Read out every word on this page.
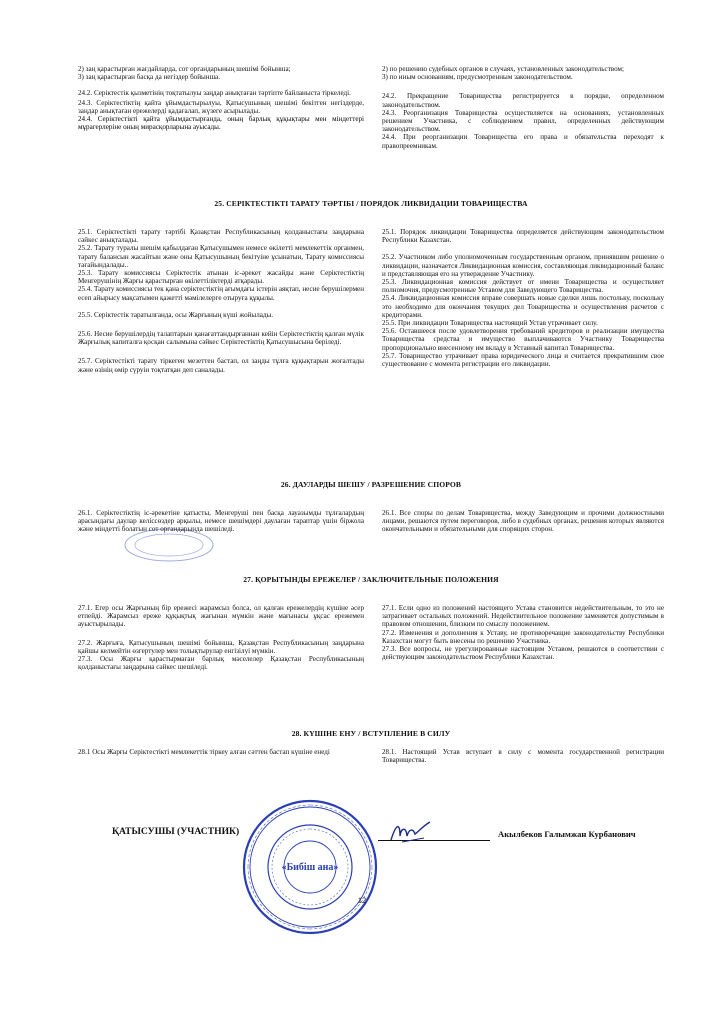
2) заң қарастырған жағдайларда, сот органдарының шешімі бойынша;

3) заң қарастырған басқа да негіздер бойынша.

24.2. Серіктестік қызметінің тоқтатылуы заңдар анықтаған тәртіпте байланыста тіркеледі.

24.3. Серіктестіктің қайта ұйымдастырылуы, Қатысушының шешімі бекітген негіздерде, заңдар анықтаған ережелерді қадағалап, жүзеге асырылады.

24.4. Серіктестікті қайта ұйымдастырғанда, оның барлық құқықтары мен міндеттері мұрагерлеріне оның мирасқорларына ауысады.

2) по решению судебных органов в случаях, установленных законодательством;

3) по иным основаниям, предусмотренным законодательством.

24.2. Прекращение Товарищества регистрируется в порядке, определенном законодательством.

24.3. Реорганизация Товарищества осуществляется на основаниях, установленных решением Участника, с соблюдением правил, определенных действующим законодательством.

24.4. При реорганизации Товарищества его права и обязательства переходят к правопреемникам.

25. СЕРІКТЕСТІКТІ ТАРАТУ ТӘРТІБІ / ПОРЯДОК ЛИКВИДАЦИИ ТОВАРИЩЕСТВА

25.1. Серіктестікті тарату тәртібі Қазақстан Республикасының қолданыстағы заңдарына сәйкес анықталады.

25.2. Тарату туралы шешім қабылдаған Қатысушымен немесе өкілетті мемлекеттік органмен, тарату балансын жасайтын және оны Қатысушының бекітуіне ұсынатын, Тарату комиссиясы тағайындалады..

25.3. Тарату комиссиясы Серіктестік атынан іс-әрекет жасайды және Серіктестіктің Менгерушінің Жарғы қарастырған өкілеттіліктерді атқарады.

25.4. Тарату комиссиясы тек қана серіктестіктің ағымдағы істерін аяқтап, несие берушілермен есеп айырысу мақсатымен қажетті мәмілелерге отыруға құқылы.

25.5. Серіктестік таратылғанда, осы Жарғының күші жойылады.

25.6. Несие берушілердің талаптарын қанағаттандырғаннан кейін Серіктестіктің қалған мүлік Жарғылық капиталға қосқан салымына сәйкес Серіктестіктің Қатысушысына беріледі.

25.7. Серіктестікті тарату тіркеген мезеттен бастап, ол заңды тұлға құқықтарын жоғалтады және өзінің өмір сүруін тоқтатқан деп саналады.

25.1. Порядок ликвидации Товарищества определяется действующим законодательством Республики Казахстан.

25.2. Участником либо уполномоченным государственным органом, принявшим решение о ликвидации, назначается Ликвидационная комиссия, составляющая ликвидационный баланс и представляющая его на утверждение Участнику.

25.3. Ликвидационная комиссия действует от имени Товарищества и осуществляет полномочия, предусмотренные Уставом для Заведующего Товарищества.

25.4. Ликвидационная комиссия вправе совершать новые сделки лишь постольку, поскольку это необходимо для окончания текущих дел Товарищества и осуществления расчетов с кредиторами.

25.5. При ликвидации Товарищества настоящий Устав утрачивает силу.

25.6. Оставшееся после удовлетворения требований кредиторов и реализации имущества Товарищества средства и имущество выплачиваются Участнику Товарищества пропорционально внесенному им вкладу в Уставный капитал Товарищества.

25.7. Товарищество утрачивает права юридического лица и считается прекратившим свое существование с момента регистрации его ликвидации.

26. ДАУЛАРДЫ ШЕШУ / РАЗРЕШЕНИЕ СПОРОВ

26.1. Серіктестіктің іс-әрекетіне қатысты, Менгеруші пен басқа лауазымды тұлғалардың арасындағы даулар келіссөздер арқылы, немесе шешімдері даулаған тараптар үшін біржола және міндетті болатын сот органдарында шешіледі.

26.1. Все споры по делам Товарищества, между Заведующим и прочими должностными лицами, решаются путем переговоров, либо в судебных органах, решения которых являются окончательными и обязательными для спорящих сторон.

27. ҚОРЫТЫНДЫ ЕРЕЖЕЛЕР / ЗАКЛЮЧИТЕЛЬНЫЕ ПОЛОЖЕНИЯ

27.1. Егер осы Жарғының бір ережесі жарамсыз болса, ол қалған ережелердің күшіне әсер етпейді. Жарамсыз ереже құқықтық жағынан мүмкін және мағынасы ұқсас ережемен ауыстырылады.

27.2. Жарғыға, Қатысушының шешімі бойынша, Қазақстан Республикасының заңдарына қайшы келмейтін өзгертулер мен толықтырулар енгізілуі мүмкін.

27.3. Осы Жарғы қарастырмаған барлық мәселелер Қазақстан Республикасының қолданыстағы заңдарына сәйкес шешіледі.

27.1. Если одно из положений настоящего Устава становится недействительным, то это не затрагивает остальных положений. Недействительное положение заменяется допустимым в правовом отношении, близким по смыслу положением.

27.2. Изменения и дополнения к Уставу, не противоречащие законодательству Республики Казахстан могут быть внесены по решению Участника.

27.3. Все вопросы, не урегулированные настоящим Уставом, решаются в соответствии с действующим законодательством Республики Казахстан.

28. КҮШІНЕ ЕНУ / ВСТУПЛЕНИЕ В СИЛУ

28.1 Осы Жарғы Серіктестікті мемлекеттік тіркеу алған сәттен бастап күшіне енеді	28.1. Настоящий Устав вступает в силу с момента государственной регистрации Товарищества.

ҚАТЫСУШЫ (УЧАСТНИК)	Акылбеков Галымжан Курбанович
«Бибіш ана»
12
